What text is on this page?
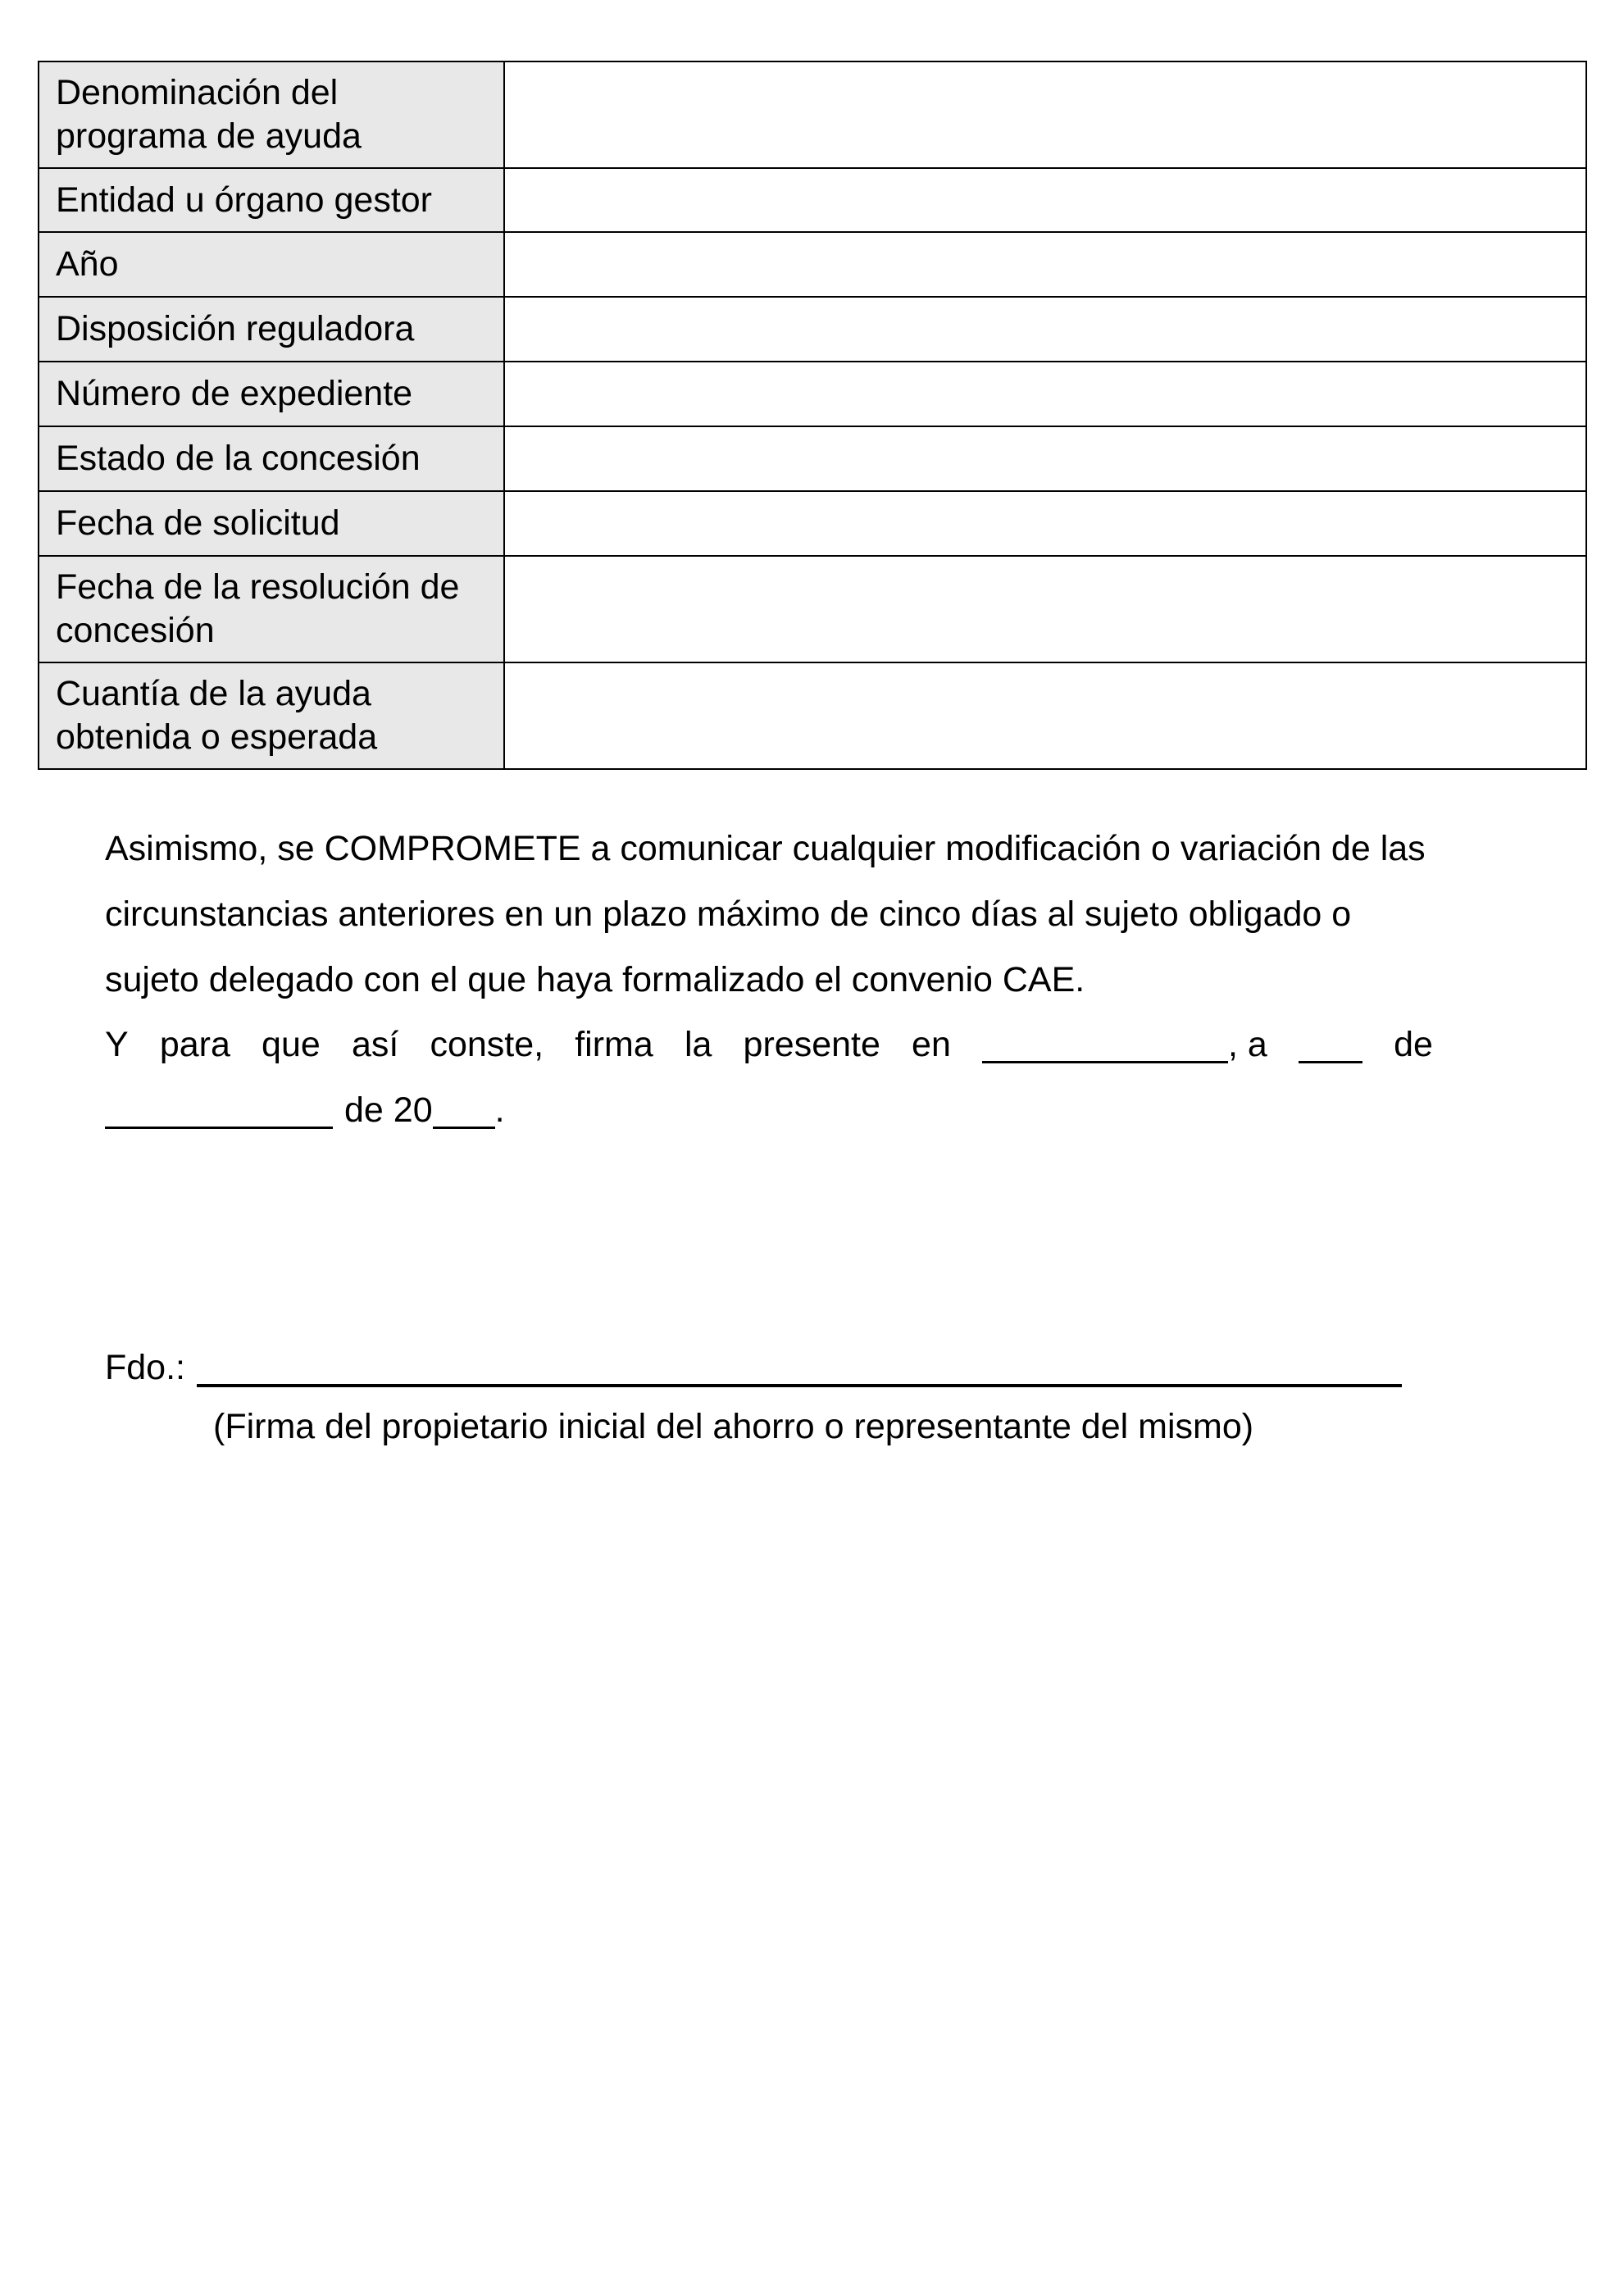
Denominación del programa de ayuda	
Entidad u órgano gestor	
Año	
Disposición reguladora	
Número de expediente	
Estado de la concesión	
Fecha de solicitud	
Fecha de la resolución de concesión	
Cuantía de la ayuda obtenida o esperada	
Asimismo, se COMPROMETE a comunicar cualquier modificación o variación de las circunstancias anteriores en un plazo máximo de cinco días al sujeto obligado o sujeto delegado con el que haya formalizado el convenio CAE.
Y para que así conste, firma la presente en	, a	de
de 20 .
Fdo.:
(Firma del propietario inicial del ahorro o representante del mismo)
